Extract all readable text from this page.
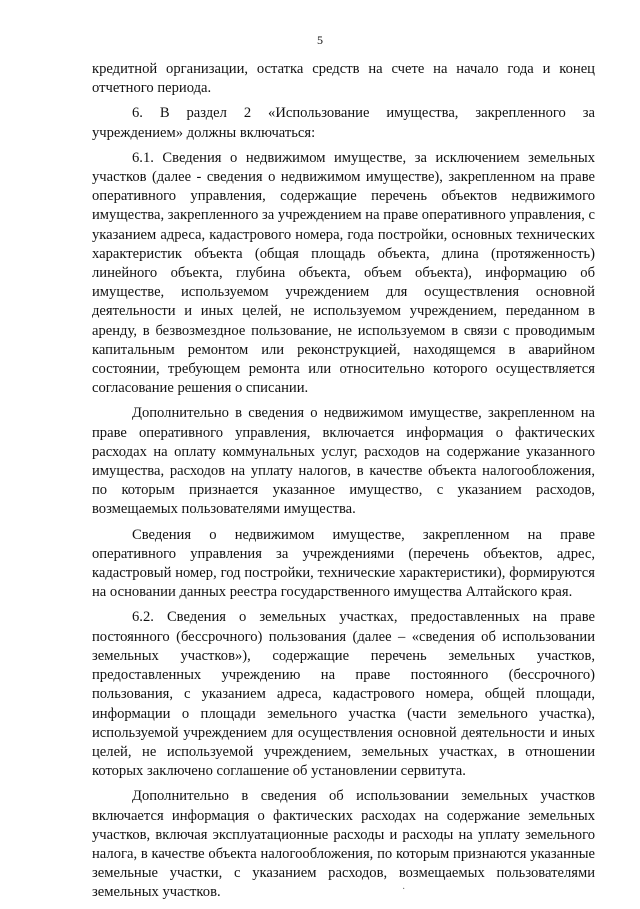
5

кредитной организации, остатка средств на счете на начало года и конец отчетного периода.

6. В раздел 2 «Использование имущества, закрепленного за учреждением» должны включаться:

6.1. Сведения о недвижимом имуществе, за исключением земельных участков (далее - сведения о недвижимом имуществе), закрепленном на праве оперативного управления, содержащие перечень объектов недвижимого имущества, закрепленного за учреждением на праве оперативного управления, с указанием адреса, кадастрового номера, года постройки, основных технических характеристик объекта (общая площадь объекта, длина (протяженность) линейного объекта, глубина объекта, объем объекта), информацию об имуществе, используемом учреждением для осуществления основной деятельности и иных целей, не используемом учреждением, переданном в аренду, в безвозмездное пользование, не используемом в связи с проводимым капитальным ремонтом или реконструкцией, находящемся в аварийном состоянии, требующем ремонта или относительно которого осуществляется согласование решения о списании.

Дополнительно в сведения о недвижимом имуществе, закрепленном на праве оперативного управления, включается информация о фактических расходах на оплату коммунальных услуг, расходов на содержание указанного имущества, расходов на уплату налогов, в качестве объекта налогообложения, по которым признается указанное имущество, с указанием расходов, возмещаемых пользователями имущества.

Сведения о недвижимом имуществе, закрепленном на праве оперативного управления за учреждениями (перечень объектов, адрес, кадастровый номер, год постройки, технические характеристики), формируются на основании данных реестра государственного имущества Алтайского края.

6.2. Сведения о земельных участках, предоставленных на праве постоянного (бессрочного) пользования (далее – «сведения об использовании земельных участков»), содержащие перечень земельных участков, предоставленных учреждению на праве постоянного (бессрочного) пользования, с указанием адреса, кадастрового номера, общей площади, информации о площади земельного участка (части земельного участка), используемой учреждением для осуществления основной деятельности и иных целей, не используемой учреждением, земельных участках, в отношении которых заключено соглашение об установлении сервитута.

Дополнительно в сведения об использовании земельных участков включается информация о фактических расходах на содержание земельных участков, включая эксплуатационные расходы и расходы на уплату земельного налога, в качестве объекта налогообложения, по которым признаются указанные земельные участки, с указанием расходов, возмещаемых пользователями земельных участков.	·
